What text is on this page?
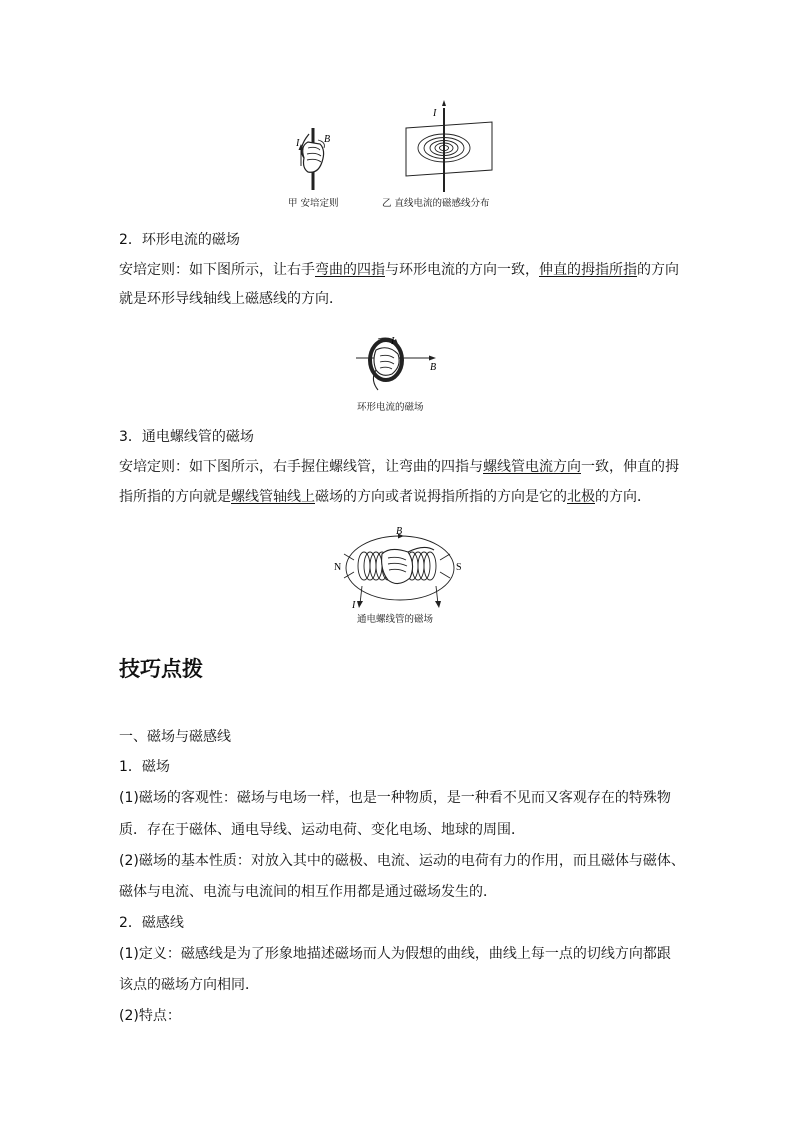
I B
I
甲 安培定则	乙 直线电流的磁感线分布
2．环形电流的磁场
安培定则：如下图所示，让右手弯曲的四指与环形电流的方向一致，伸直的拇指所指的方向
就是环形导线轴线上磁感线的方向．
I
B
环形电流的磁场
3．通电螺线管的磁场
安培定则：如下图所示，右手握住螺线管，让弯曲的四指与螺线管电流方向一致，伸直的拇
指所指的方向就是螺线管轴线上磁场的方向或者说拇指所指的方向是它的北极的方向．
N	S
B
I
通电螺线管的磁场
技巧点拨
一、磁场与磁感线
1．磁场
(1)磁场的客观性：磁场与电场一样，也是一种物质，是一种看不见而又客观存在的特殊物
质．存在于磁体、通电导线、运动电荷、变化电场、地球的周围．
(2)磁场的基本性质：对放入其中的磁极、电流、运动的电荷有力的作用，而且磁体与磁体、
磁体与电流、电流与电流间的相互作用都是通过磁场发生的．
2．磁感线
(1)定义：磁感线是为了形象地描述磁场而人为假想的曲线，曲线上每一点的切线方向都跟
该点的磁场方向相同．
(2)特点：
